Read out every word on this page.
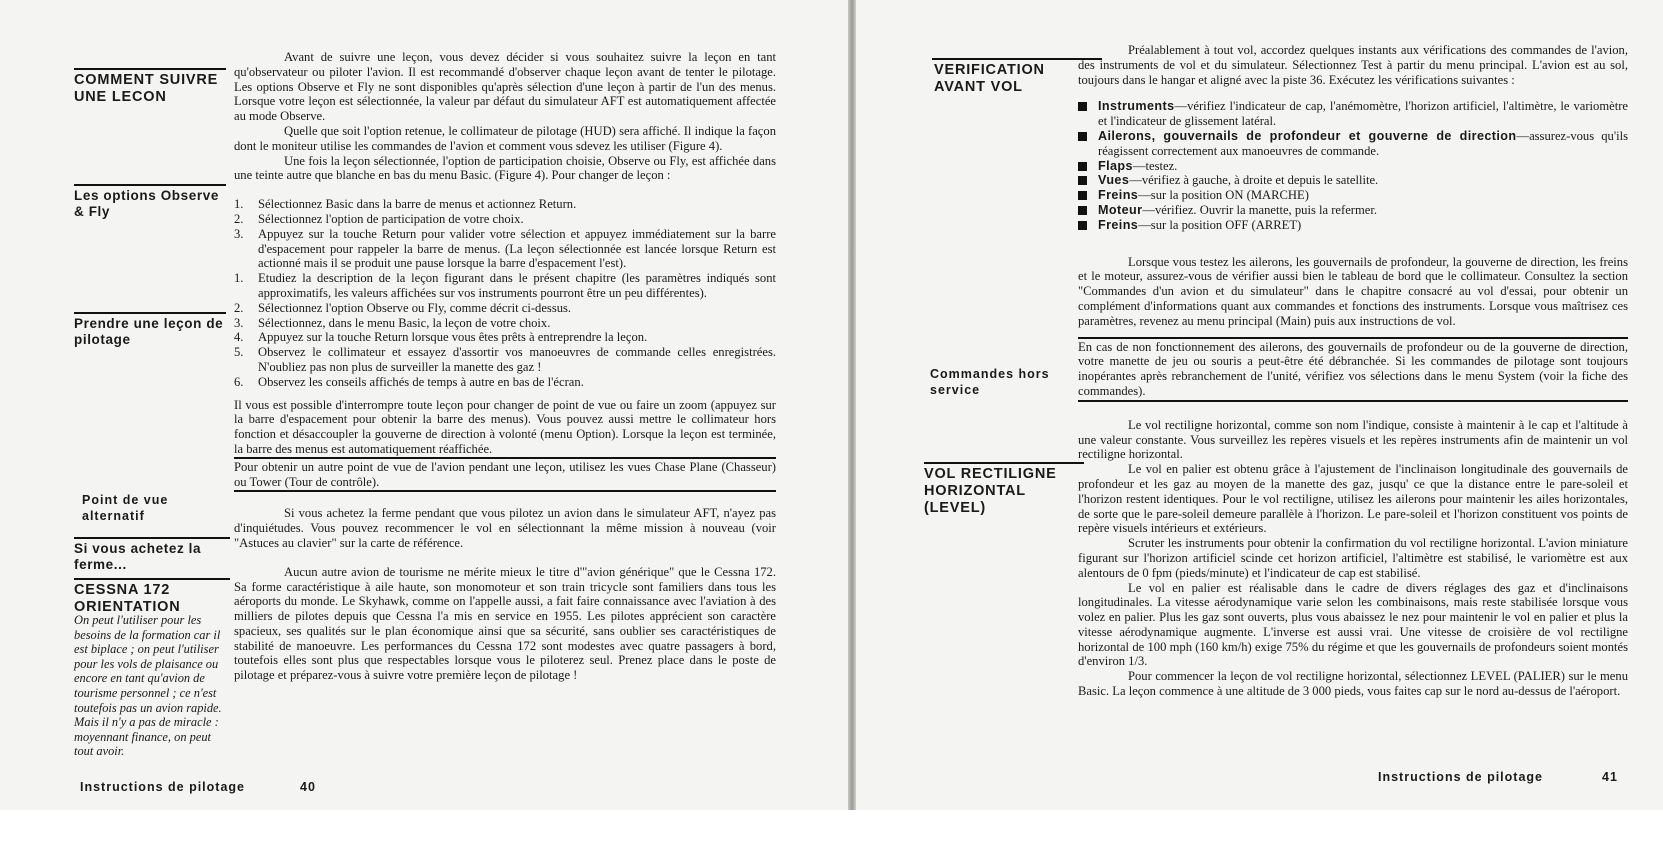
COMMENT SUIVRE
UNE LECON
Les options Observe
& Fly
Prendre une leçon de
pilotage
Point de vue
alternatif
Si vous achetez la
ferme...
CESSNA 172
ORIENTATION
On peut l'utiliser pour les besoins de la formation car il est biplace ; on peut l'utiliser pour les vols de plaisance ou encore en tant qu'avion de tourisme personnel ; ce n'est toutefois pas un avion rapide. Mais il n'y a pas de miracle : moyennant finance, on peut tout avoir.

Avant de suivre une leçon, vous devez décider si vous souhaitez suivre la leçon en tant qu'observateur ou piloter l'avion. Il est recommandé d'observer chaque leçon avant de tenter le pilotage. Les options Observe et Fly ne sont disponibles qu'après sélection d'une leçon à partir de l'un des menus. Lorsque votre leçon est sélectionnée, la valeur par défaut du simulateur AFT est automatiquement affectée au mode Observe.

Quelle que soit l'option retenue, le collimateur de pilotage (HUD) sera affiché. Il indique la façon dont le moniteur utilise les commandes de l'avion et comment vous sdevez les utiliser (Figure 4).

Une fois la leçon sélectionnée, l'option de participation choisie, Observe ou Fly, est affichée dans une teinte autre que blanche en bas du menu Basic. (Figure 4). Pour changer de leçon :

1. Sélectionnez Basic dans la barre de menus et actionnez Return.
2. Sélectionnez l'option de participation de votre choix.
3. Appuyez sur la touche Return pour valider votre sélection et appuyez immédiatement sur la barre d'espacement pour rappeler la barre de menus. (La leçon sélectionnée est lancée lorsque Return est actionné mais il se produit une pause lorsque la barre d'espacement l'est).
1. Etudiez la description de la leçon figurant dans le présent chapitre (les paramètres indiqués sont approximatifs, les valeurs affichées sur vos instruments pourront être un peu différentes).
2. Sélectionnez l'option Observe ou Fly, comme décrit ci-dessus.
3. Sélectionnez, dans le menu Basic, la leçon de votre choix.
4. Appuyez sur la touche Return lorsque vous êtes prêts à entreprendre la leçon.
5. Observez le collimateur et essayez d'assortir vos manoeuvres de commande celles enregistrées. N'oubliez pas non plus de surveiller la manette des gaz !
6. Observez les conseils affichés de temps à autre en bas de l'écran.

Il vous est possible d'interrompre toute leçon pour changer de point de vue ou faire un zoom (appuyez sur la barre d'espacement pour obtenir la barre des menus). Vous pouvez aussi mettre le collimateur hors fonction et désaccoupler la gouverne de direction à volonté (menu Option). Lorsque la leçon est terminée, la barre des menus est automatiquement réaffichée.

Pour obtenir un autre point de vue de l'avion pendant une leçon, utilisez les vues Chase Plane (Chasseur) ou Tower (Tour de contrôle).

Si vous achetez la ferme pendant que vous pilotez un avion dans le simulateur AFT, n'ayez pas d'inquiétudes. Vous pouvez recommencer le vol en sélectionnant la même mission à nouveau (voir "Astuces au clavier" sur la carte de référence.

Aucun autre avion de tourisme ne mérite mieux le titre d'"avion générique" que le Cessna 172. Sa forme caractéristique à aile haute, son monomoteur et son train tricycle sont familiers dans tous les aéroports du monde. Le Skyhawk, comme on l'appelle aussi, a fait faire connaissance avec l'aviation à des milliers de pilotes depuis que Cessna l'a mis en service en 1955. Les pilotes apprécient son caractère spacieux, ses qualités sur le plan économique ainsi que sa sécurité, sans oublier ses caractéristiques de stabilité de manoeuvre. Les performances du Cessna 172 sont modestes avec quatre passagers à bord, toutefois elles sont plus que respectables lorsque vous le piloterez seul. Prenez place dans le poste de pilotage et préparez-vous à suivre votre première leçon de pilotage !

Instructions de pilotage	40
VERIFICATION
AVANT VOL
Commandes hors
service
VOL RECTILIGNE
HORIZONTAL
(LEVEL)

Préalablement à tout vol, accordez quelques instants aux vérifications des commandes de l'avion, des instruments de vol et du simulateur. Sélectionnez Test à partir du menu principal. L'avion est au sol, toujours dans le hangar et aligné avec la piste 36. Exécutez les vérifications suivantes :

Instruments—vérifiez l'indicateur de cap, l'anémomètre, l'horizon artificiel, l'altimètre, le variomètre et l'indicateur de glissement latéral.
Ailerons, gouvernails de profondeur et gouverne de direction—assurez-vous qu'ils réagissent correctement aux manoeuvres de commande.
Flaps—testez.
Vues—vérifiez à gauche, à droite et depuis le satellite.
Freins—sur la position ON (MARCHE)
Moteur—vérifiez. Ouvrir la manette, puis la refermer.
Freins—sur la position OFF (ARRET)

Lorsque vous testez les ailerons, les gouvernails de profondeur, la gouverne de direction, les freins et le moteur, assurez-vous de vérifier aussi bien le tableau de bord que le collimateur. Consultez la section "Commandes d'un avion et du simulateur" dans le chapitre consacré au vol d'essai, pour obtenir un complément d'informations quant aux commandes et fonctions des instruments. Lorsque vous maîtrisez ces paramètres, revenez au menu principal (Main) puis aux instructions de vol.

En cas de non fonctionnement des ailerons, des gouvernails de profondeur ou de la gouverne de direction, votre manette de jeu ou souris a peut-être été débranchée. Si les commandes de pilotage sont toujours inopérantes après rebranchement de l'unité, vérifiez vos sélections dans le menu System (voir la fiche des commandes).

Le vol rectiligne horizontal, comme son nom l'indique, consiste à maintenir à le cap et l'altitude à une valeur constante. Vous surveillez les repères visuels et les repères instruments afin de maintenir un vol rectiligne horizontal.

Le vol en palier est obtenu grâce à l'ajustement de l'inclinaison longitudinale des gouvernails de profondeur et les gaz au moyen de la manette des gaz, jusqu' ce que la distance entre le pare-soleil et l'horizon restent identiques. Pour le vol rectiligne, utilisez les ailerons pour maintenir les ailes horizontales, de sorte que le pare-soleil demeure parallèle à l'horizon. Le pare-soleil et l'horizon constituent vos points de repère visuels intérieurs et extérieurs.

Scruter les instruments pour obtenir la confirmation du vol rectiligne horizontal. L'avion miniature figurant sur l'horizon artificiel scinde cet horizon artificiel, l'altimètre est stabilisé, le variomètre est aux alentours de 0 fpm (pieds/minute) et l'indicateur de cap est stabilisé.

Le vol en palier est réalisable dans le cadre de divers réglages des gaz et d'inclinaisons longitudinales. La vitesse aérodynamique varie selon les combinaisons, mais reste stabilisée lorsque vous volez en palier. Plus les gaz sont ouverts, plus vous abaissez le nez pour maintenir le vol en palier et plus la vitesse aérodynamique augmente. L'inverse est aussi vrai. Une vitesse de croisière de vol rectiligne horizontal de 100 mph (160 km/h) exige 75% du régime et que les gouvernails de profondeurs soient montés d'environ 1/3.

Pour commencer la leçon de vol rectiligne horizontal, sélectionnez LEVEL (PALIER) sur le menu Basic. La leçon commence à une altitude de 3 000 pieds, vous faites cap sur le nord au-dessus de l'aéroport.

Instructions de pilotage	41
